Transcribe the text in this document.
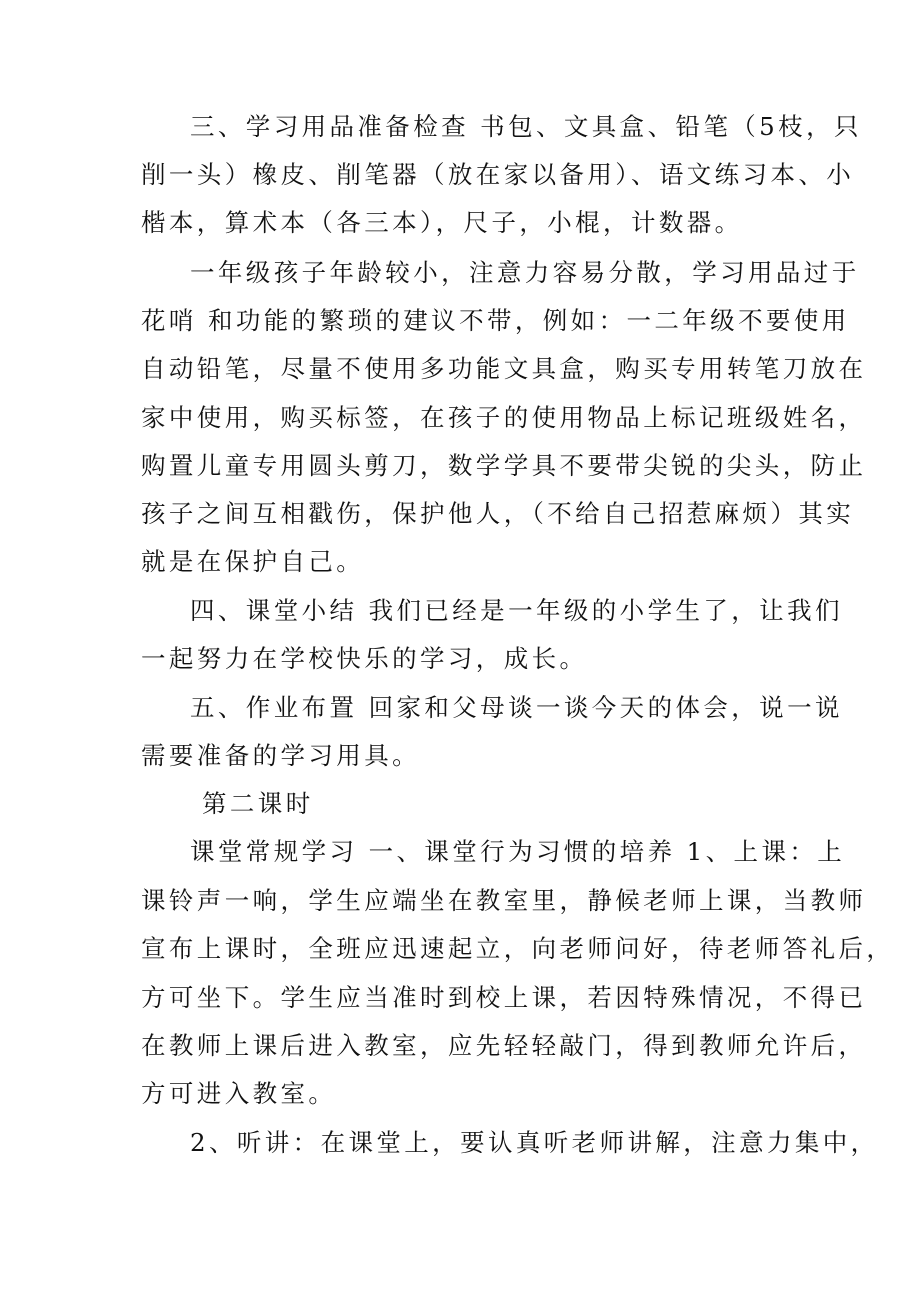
三、学习用品准备检查 书包、文具盒、铅笔（5枝，只
削一头）橡皮、削笔器（放在家以备用）、语文练习本、小
楷本，算术本（各三本），尺子，小棍，计数器。
一年级孩子年龄较小，注意力容易分散，学习用品过于
花哨 和功能的繁琐的建议不带，例如：一二年级不要使用
自动铅笔，尽量不使用多功能文具盒，购买专用转笔刀放在
家中使用，购买标签，在孩子的使用物品上标记班级姓名，
购置儿童专用圆头剪刀，数学学具不要带尖锐的尖头，防止
孩子之间互相戳伤，保护他人，（不给自己招惹麻烦）其实
就是在保护自己。
四、课堂小结 我们已经是一年级的小学生了，让我们
一起努力在学校快乐的学习，成长。
五、作业布置 回家和父母谈一谈今天的体会，说一说
需要准备的学习用具。
第二课时
课堂常规学习 一、课堂行为习惯的培养 1、上课：上
课铃声一响，学生应端坐在教室里，静候老师上课，当教师
宣布上课时，全班应迅速起立，向老师问好，待老师答礼后，
方可坐下。学生应当准时到校上课，若因特殊情况，不得已
在教师上课后进入教室，应先轻轻敲门，得到教师允许后，
方可进入教室。
2、听讲：在课堂上，要认真听老师讲解，注意力集中，
